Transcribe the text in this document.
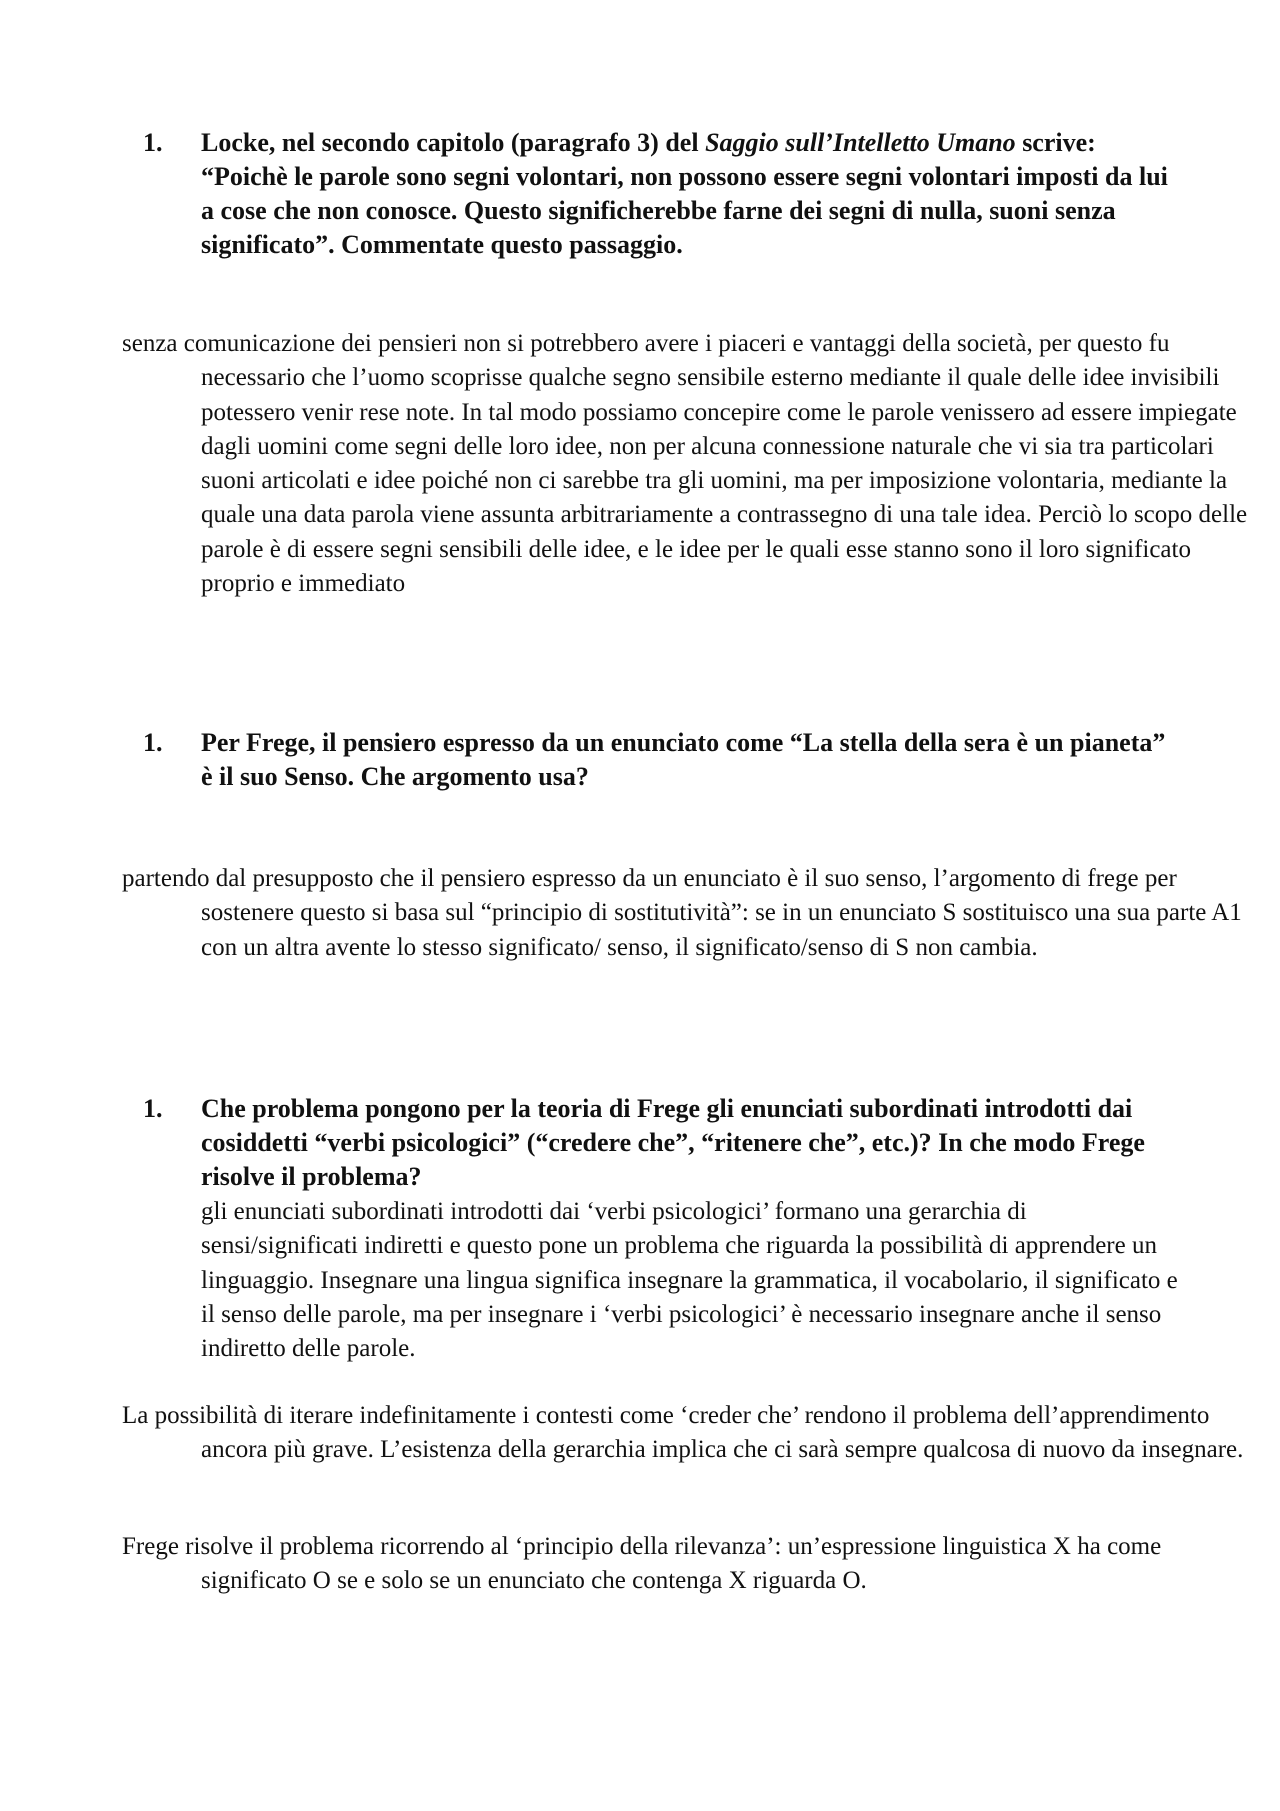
1.	Locke, nel secondo capitolo (paragrafo 3) del Saggio sull’Intelletto Umano scrive: “Poichè le parole sono segni volontari, non possono essere segni volontari imposti da lui a cose che non conosce. Questo significherebbe farne dei segni di nulla, suoni senza significato”. Commentate questo passaggio.
senza comunicazione dei pensieri non si potrebbero avere i piaceri e vantaggi della società, per questo fu necessario che l’uomo scoprisse qualche segno sensibile esterno mediante il quale delle idee invisibili potessero venir rese note. In tal modo possiamo concepire come le parole venissero ad essere impiegate dagli uomini come segni delle loro idee, non per alcuna connessione naturale che vi sia tra particolari suoni articolati e idee poiché non ci sarebbe tra gli uomini, ma per imposizione volontaria, mediante la quale una data parola viene assunta arbitrariamente a contrassegno di una tale idea. Perciò lo scopo delle parole è di essere segni sensibili delle idee, e le idee per le quali esse stanno sono il loro significato proprio e immediato
1.	Per Frege, il pensiero espresso da un enunciato come “La stella della sera è un pianeta” è il suo Senso. Che argomento usa?
partendo dal presupposto che il pensiero espresso da un enunciato è il suo senso, l’argomento di frege per sostenere questo si basa sul “principio di sostitutività”: se in un enunciato S sostituisco una sua parte A1 con un altra avente lo stesso significato/ senso, il significato/senso di S non cambia.
1.	Che problema pongono per la teoria di Frege gli enunciati subordinati introdotti dai cosiddetti “verbi psicologici” (“credere che”, “ritenere che”, etc.)? In che modo Frege risolve il problema?
gli enunciati subordinati introdotti dai ‘verbi psicologici’ formano una gerarchia di sensi/significati indiretti e questo pone un problema che riguarda la possibilità di apprendere un linguaggio. Insegnare una lingua significa insegnare la grammatica, il vocabolario, il significato e il senso delle parole, ma per insegnare i ‘verbi psicologici’ è necessario insegnare anche il senso indiretto delle parole.
La possibilità di iterare indefinitamente i contesti come ‘creder che’ rendono il problema dell’apprendimento ancora più grave. L’esistenza della gerarchia implica che ci sarà sempre qualcosa di nuovo da insegnare.
Frege risolve il problema ricorrendo al ‘principio della rilevanza’: un’espressione linguistica X ha come significato O se e solo se un enunciato che contenga X riguarda O.
